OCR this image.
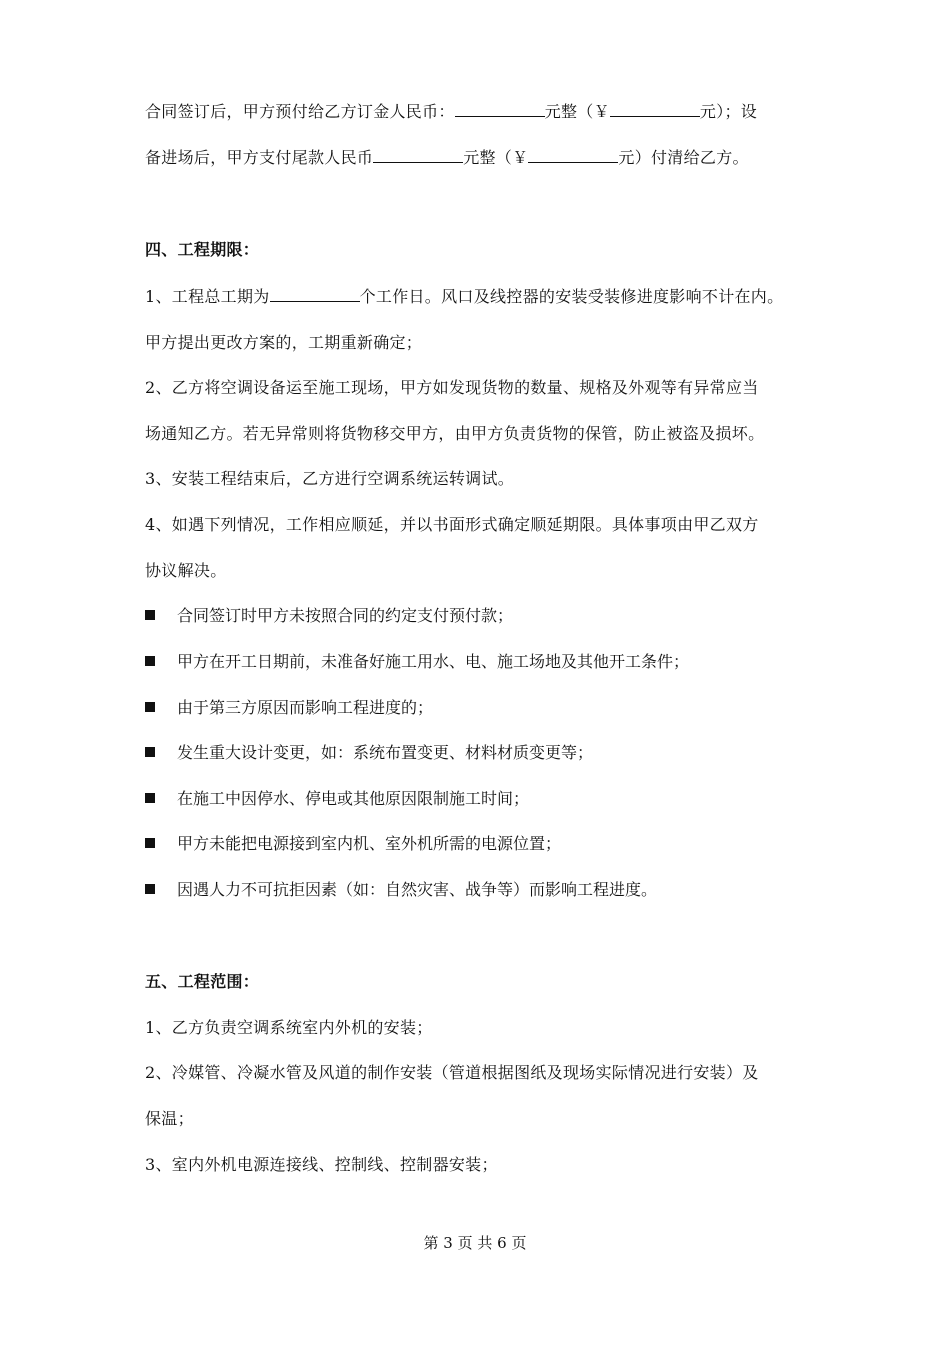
合同签订后，甲方预付给乙方订金人民币：	元整（￥	元）；设
备进场后，甲方支付尾款人民币	元整（￥	元）付清给乙方。
四、工程期限：
1、工程总工期为	个工作日。风口及线控器的安装受装修进度影响不计在内。
甲方提出更改方案的，工期重新确定；
2、乙方将空调设备运至施工现场，甲方如发现货物的数量、规格及外观等有异常应当
场通知乙方。若无异常则将货物移交甲方，由甲方负责货物的保管，防止被盗及损坏。
3、安装工程结束后，乙方进行空调系统运转调试。
4、如遇下列情况，工作相应顺延，并以书面形式确定顺延期限。具体事项由甲乙双方
协议解决。
合同签订时甲方未按照合同的约定支付预付款；
甲方在开工日期前，未准备好施工用水、电、施工场地及其他开工条件；
由于第三方原因而影响工程进度的；
发生重大设计变更，如：系统布置变更、材料材质变更等；
在施工中因停水、停电或其他原因限制施工时间；
甲方未能把电源接到室内机、室外机所需的电源位置；
因遇人力不可抗拒因素（如：自然灾害、战争等）而影响工程进度。
五、工程范围：
1、乙方负责空调系统室内外机的安装；
2、冷媒管、冷凝水管及风道的制作安装（管道根据图纸及现场实际情况进行安装）及
保温；
3、室内外机电源连接线、控制线、控制器安装；
第 3 页 共 6 页
